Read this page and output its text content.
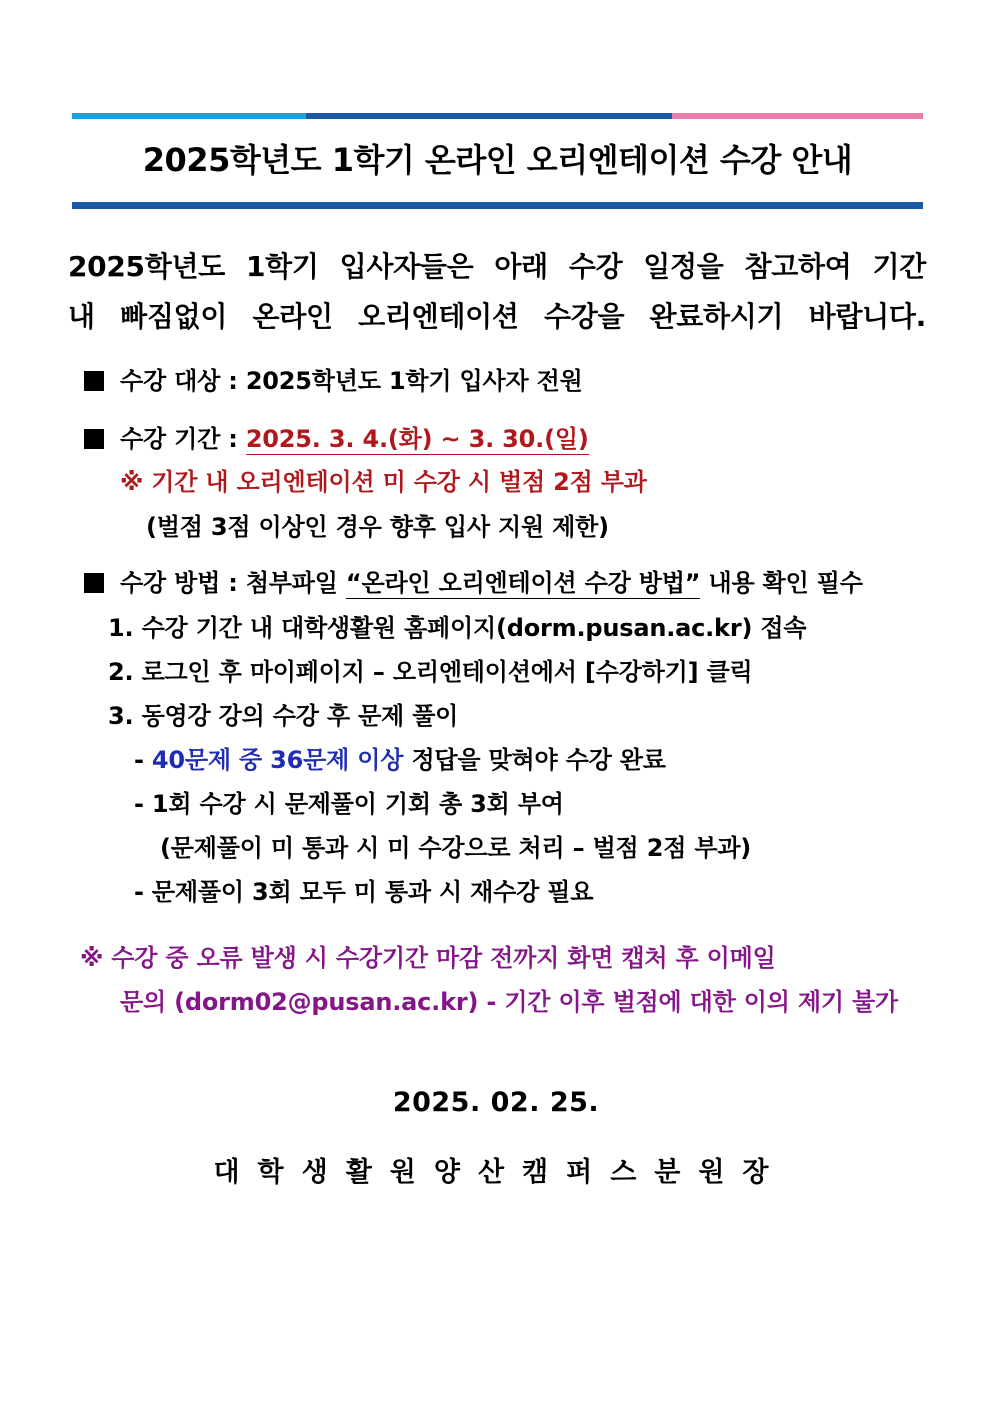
2025학년도 1학기 온라인 오리엔테이션 수강 안내
2025학년도 1학기 입사자들은 아래 수강 일정을 참고하여 기간
내 빠짐없이 온라인 오리엔테이션 수강을 완료하시기 바랍니다.
수강 대상 : 2025학년도 1학기 입사자 전원
수강 기간 : 2025. 3. 4.(화) ~ 3. 30.(일)
※ 기간 내 오리엔테이션 미 수강 시 벌점 2점 부과
(벌점 3점 이상인 경우 향후 입사 지원 제한)
수강 방법 : 첨부파일 “온라인 오리엔테이션 수강 방법” 내용 확인 필수
1. 수강 기간 내 대학생활원 홈페이지(dorm.pusan.ac.kr) 접속
2. 로그인 후 마이페이지 – 오리엔테이션에서 [수강하기] 클릭
3. 동영강 강의 수강 후 문제 풀이
- 40문제 중 36문제 이상 정답을 맞혀야 수강 완료
- 1회 수강 시 문제풀이 기회 총 3회 부여
(문제풀이 미 통과 시 미 수강으로 처리 – 벌점 2점 부과)
- 문제풀이 3회 모두 미 통과 시 재수강 필요
※ 수강 중 오류 발생 시 수강기간 마감 전까지 화면 캡처 후 이메일
문의 (dorm02@pusan.ac.kr) - 기간 이후 벌점에 대한 이의 제기 불가
2025. 02. 25.
대학생활원양산캠퍼스분원장
